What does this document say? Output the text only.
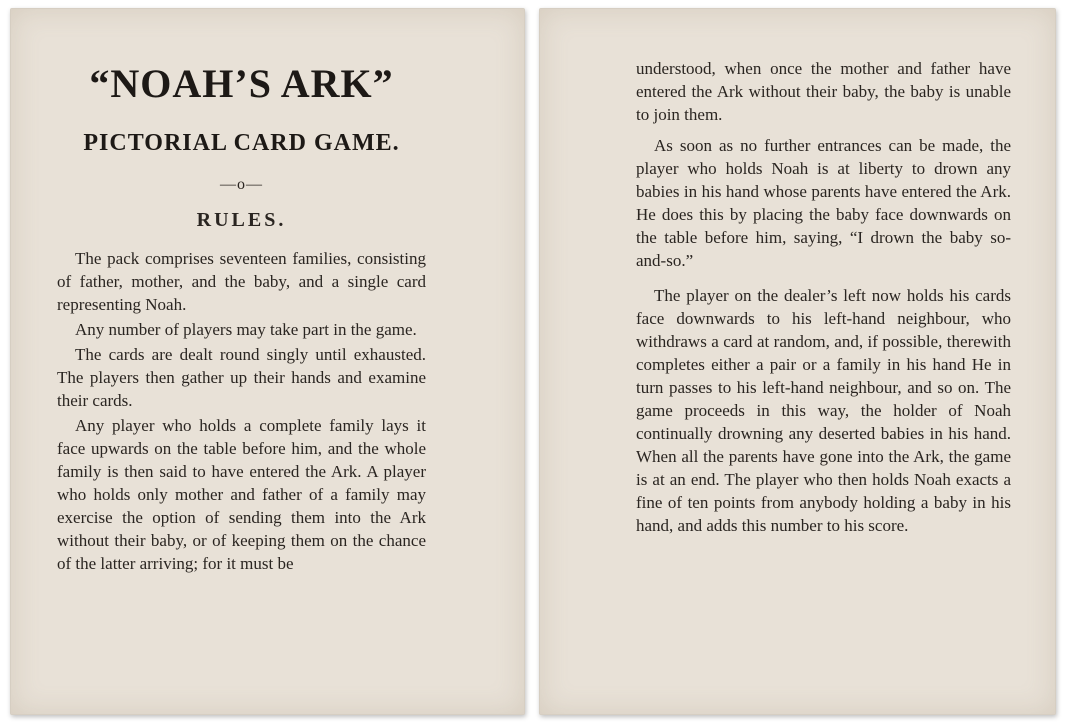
“NOAH’S ARK”
PICTORIAL CARD GAME.
—o—
RULES.

The pack comprises seventeen families, consisting of father, mother, and the baby, and a single card representing Noah.

Any number of players may take part in the game.

The cards are dealt round singly until exhausted. The players then gather up their hands and examine their cards.

Any player who holds a complete family lays it face upwards on the table before him, and the whole family is then said to have entered the Ark. A player who holds only mother and father of a family may exercise the option of sending them into the Ark without their baby, or of keeping them on the chance of the latter arriving; for it must be

understood, when once the mother and father have entered the Ark without their baby, the baby is unable to join them.

As soon as no further entrances can be made, the player who holds Noah is at liberty to drown any babies in his hand whose parents have entered the Ark. He does this by placing the baby face downwards on the table before him, saying, “I drown the baby so-and-so.”

The player on the dealer’s left now holds his cards face downwards to his left-hand neighbour, who withdraws a card at random, and, if possible, therewith completes either a pair or a family in his hand He in turn passes to his left-hand neighbour, and so on. The game proceeds in this way, the holder of Noah continually drowning any deserted babies in his hand. When all the parents have gone into the Ark, the game is at an end. The player who then holds Noah exacts a fine of ten points from anybody holding a baby in his hand, and adds this number to his score.
